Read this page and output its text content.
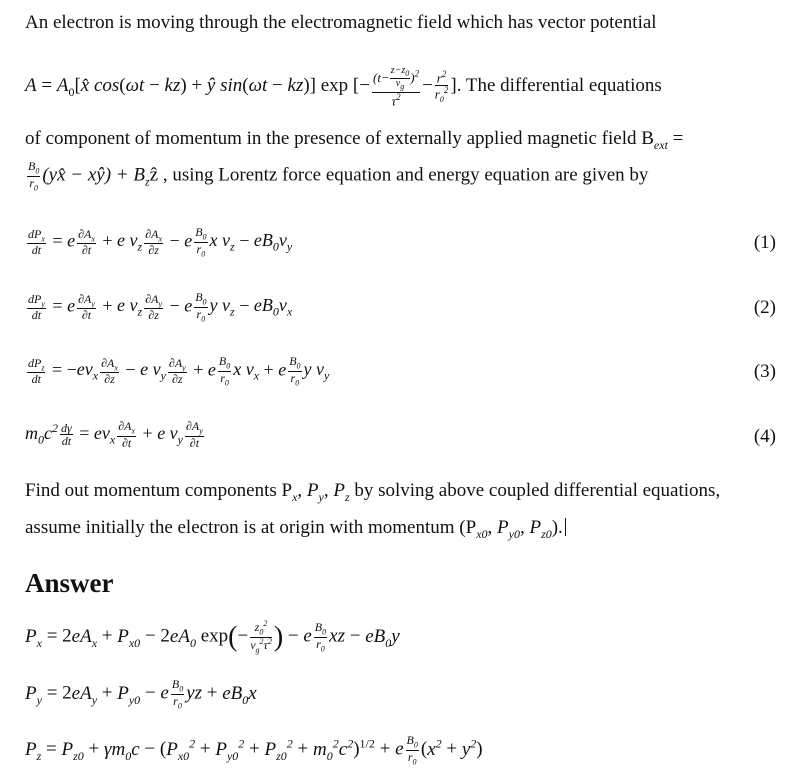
An electron is moving through the electromagnetic field which has vector potential
$A = A_0[x̂$ cos(ωt − kz) + ŷ sin(ωt − kz)] exp [− $\frac{(t- \frac{z-z_0}{v_g} )^2}{\tau^2} - \frac{r^2}{r_0^2}$ ]. The differential equations
of component of momentum in the presence of externally applied magnetic field $B_{ext}$ =
$\frac{B_0}{r_0}$ (yx̂ − xŷ) + $B_zẑ$ , using Lorentz force equation and energy equation are given by
$\frac{dP_x}{dt} = e \frac{\partial A_x}{\partial t} + e$ $v_z \frac{\partial A_x}{\partial z} - e \frac{B_0}{r_0}$ x $v_z - eB_0v_y$	(1)
$\frac{dP_y}{dt} = e \frac{\partial A_y}{\partial t} + e$ $v_z \frac{\partial A_y}{\partial z} - e \frac{B_0}{r_0}$ y $v_z - eB_0v_x$	(2)
$\frac{dP_z}{dt} = -ev_x \frac{\partial A_x}{\partial z} - e$ $v_y \frac{\partial A_y}{\partial z} + e \frac{B_0}{r_0}$ x $v_x + e \frac{B_0}{r_0}$ y $v_y$	(3)
$m_0c^2 \frac{d\gamma}{dt} = ev_x \frac{\partial A_x}{\partial t} + e$ $v_y \frac{\partial A_y}{\partial t}$	(4)
Find out momentum components $P_x$, $P_y$, $P_z$ by solving above coupled differential equations,
assume initially the electron is at origin with momentum ($P_{x0}$, $P_{y0}$, $P_{z0}$).
Answer
$P_x = 2eA_x + P_{x0} - 2eA_0$ $\exp(- \frac{z_0^2}{v_g^2\tau^2}$ ) − e $\frac{B_0}{r_0}$ xz − $eB_0y$
$P_y = 2eA_y + P_{y0} - e \frac{B_0}{r_0}$ yz + $eB_0x$
$P_z = P_{z0} + \gamma m_0c - (P_{x0}^2 + P_{y0}^2 + P_{z0}^2 + m_0^2c^2)^{1/2} + e \frac{B_0}{r_0} (x^2 + y^2)$
